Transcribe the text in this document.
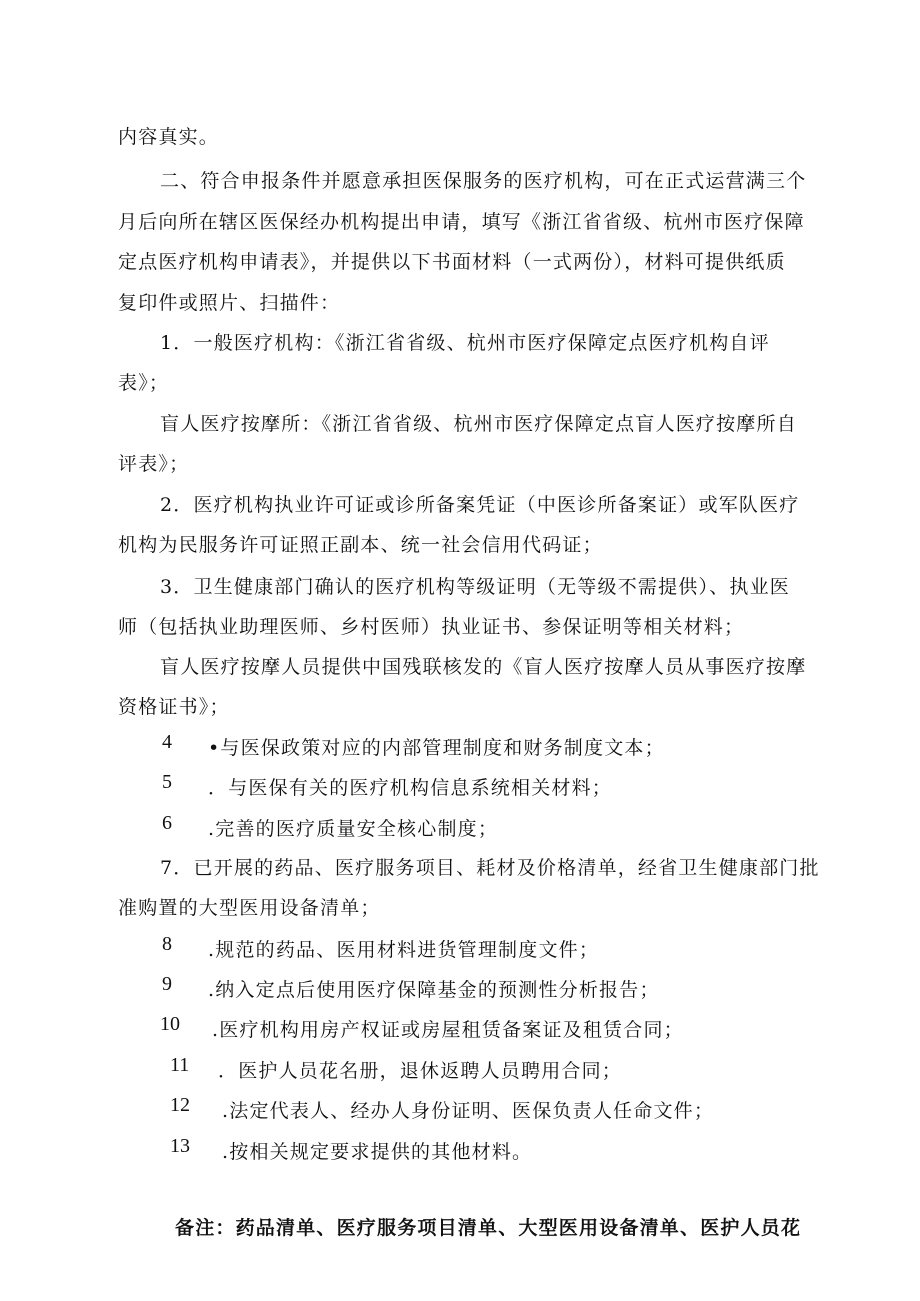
内容真实。
二、符合申报条件并愿意承担医保服务的医疗机构，可在正式运营满三个
月后向所在辖区医保经办机构提出申请，填写《浙江省省级、杭州市医疗保障
定点医疗机构申请表》，并提供以下书面材料（一式两份），材料可提供纸质
复印件或照片、扫描件：
1．一般医疗机构：《浙江省省级、杭州市医疗保障定点医疗机构自评
表》；
盲人医疗按摩所：《浙江省省级、杭州市医疗保障定点盲人医疗按摩所自
评表》；
2．医疗机构执业许可证或诊所备案凭证（中医诊所备案证）或军队医疗
机构为民服务许可证照正副本、统一社会信用代码证；
3．卫生健康部门确认的医疗机构等级证明（无等级不需提供）、执业医
师（包括执业助理医师、乡村医师）执业证书、参保证明等相关材料；
盲人医疗按摩人员提供中国残联核发的《盲人医疗按摩人员从事医疗按摩
资格证书》；
4 •与医保政策对应的内部管理制度和财务制度文本；
5 ．与医保有关的医疗机构信息系统相关材料；
6 .完善的医疗质量安全核心制度；
7．已开展的药品、医疗服务项目、耗材及价格清单，经省卫生健康部门批
准购置的大型医用设备清单；
8 .规范的药品、医用材料进货管理制度文件；
9 .纳入定点后使用医疗保障基金的预测性分析报告；
10 .医疗机构用房产权证或房屋租赁备案证及租赁合同；
11 ．医护人员花名册，退休返聘人员聘用合同；
12 .法定代表人、经办人身份证明、医保负责人任命文件；
13 .按相关规定要求提供的其他材料。
备注：药品清单、医疗服务项目清单、大型医用设备清单、医护人员花
